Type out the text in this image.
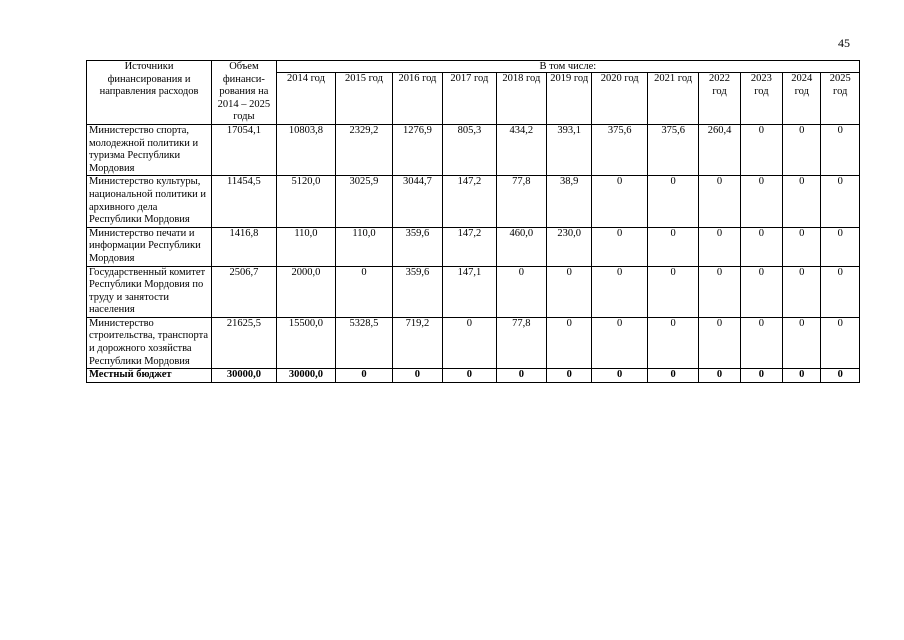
45
Источники финансирования и направления расходов	Объем финанси-рования на 2014 – 2025 годы	В том числе:											
		2014 год	2015 год	2016 год	2017 год	2018 год	2019 год	2020 год	2021 год	2022 год	2023 год	2024 год	2025 год
Министерство спорта, молодежной политики и туризма Республики Мордовия	17054,1	10803,8	2329,2	1276,9	805,3	434,2	393,1	375,6	375,6	260,4	0	0	0
Министерство культуры, национальной политики и архивного дела Республики Мордовия	11454,5	5120,0	3025,9	3044,7	147,2	77,8	38,9	0	0	0	0	0	0
Министерство печати и информации Республики Мордовия	1416,8	110,0	110,0	359,6	147,2	460,0	230,0	0	0	0	0	0	0
Государственный комитет Республики Мордовия по труду и занятости населения	2506,7	2000,0	0	359,6	147,1	0	0	0	0	0	0	0	0
Министерство строительства, транспорта и дорожного хозяйства Республики Мордовия	21625,5	15500,0	5328,5	719,2	0	77,8	0	0	0	0	0	0	0
Местный бюджет	30000,0	30000,0	0	0	0	0	0	0	0	0	0	0	0
